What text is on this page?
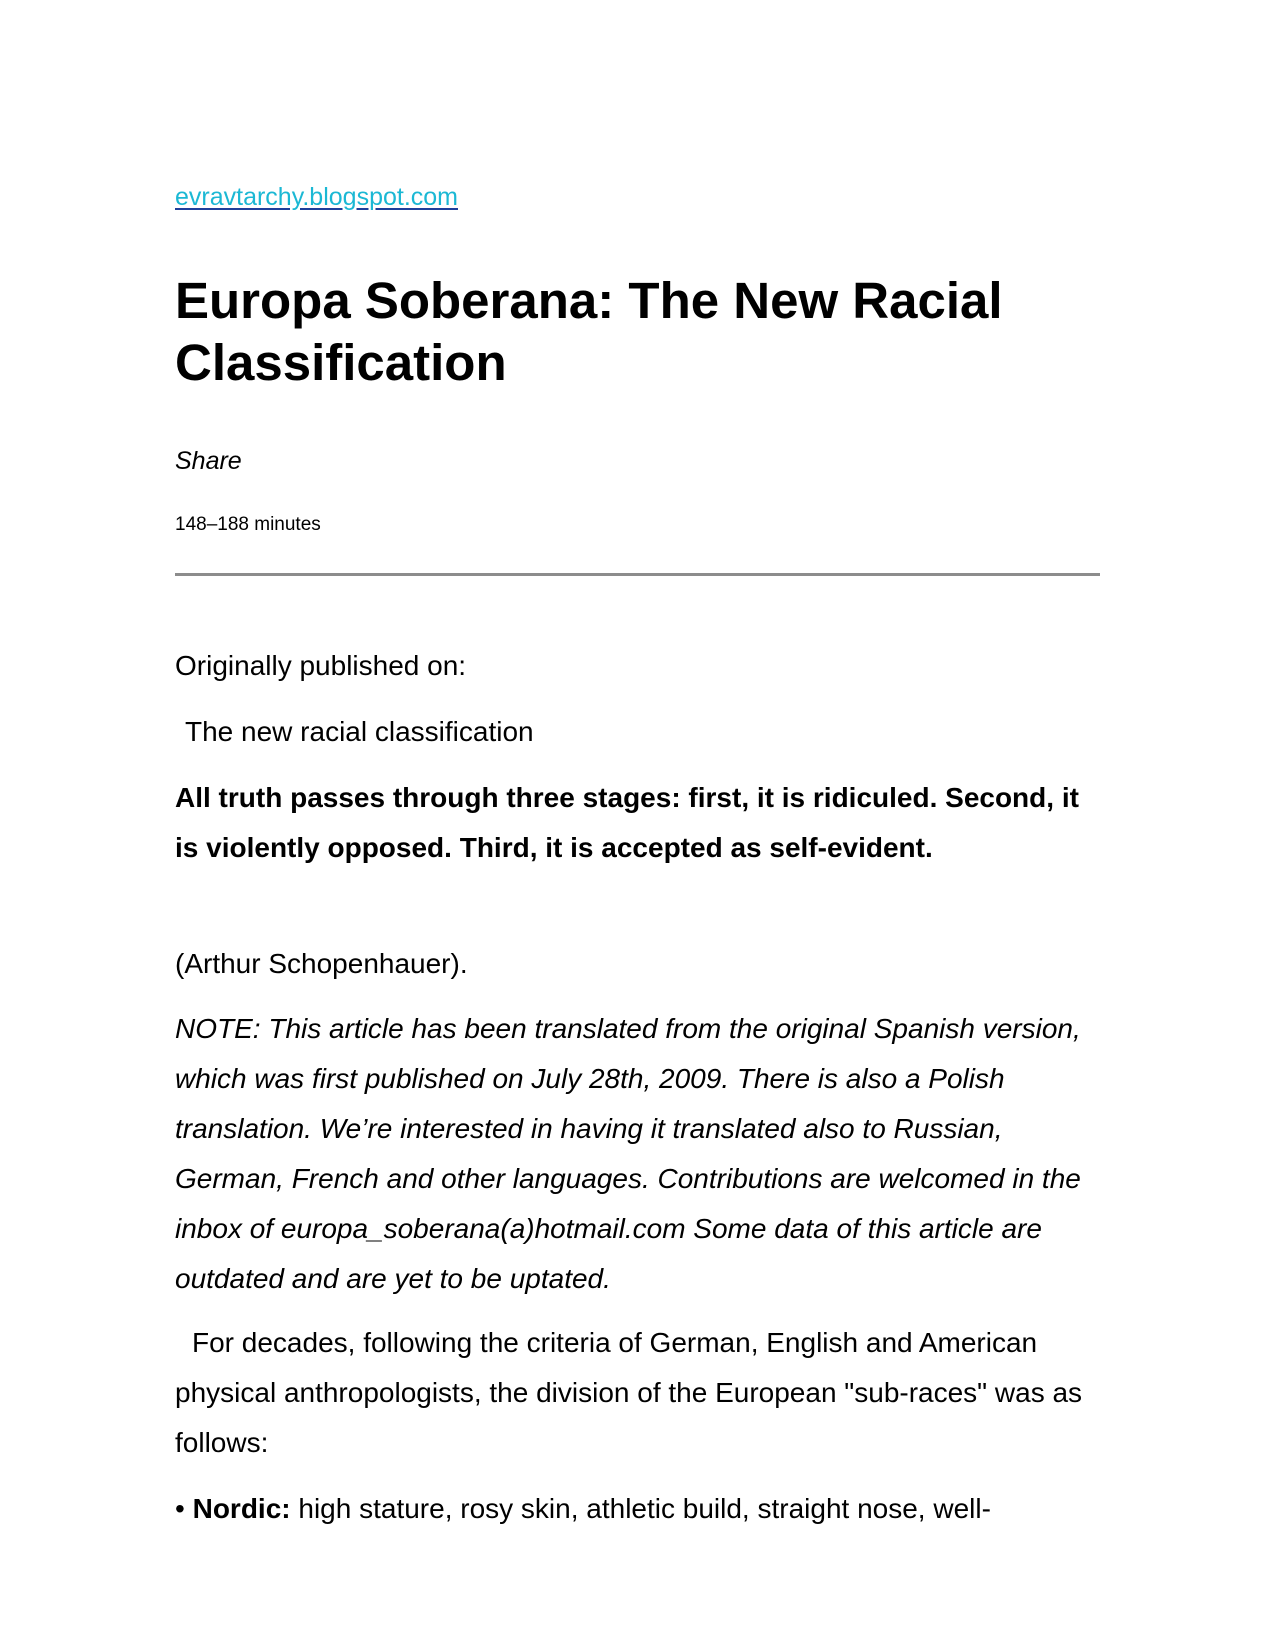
evravtarchy.blogspot.com
Europa Soberana: The New Racial Classification
Share
148–188 minutes

Originally published on:

The new racial classification

All truth passes through three stages: first, it is ridiculed. Second, it is violently opposed. Third, it is accepted as self-evident.

(Arthur Schopenhauer).

NOTE: This article has been translated from the original Spanish version, which was first published on July 28th, 2009. There is also a Polish translation. We’re interested in having it translated also to Russian, German, French and other languages. Contributions are welcomed in the inbox of europa_soberana(a)hotmail.com Some data of this article are outdated and are yet to be uptated.

For decades, following the criteria of German, English and American physical anthropologists, the division of the European "sub-races" was as follows:

• Nordic: high stature, rosy skin, athletic build, straight nose, well-
